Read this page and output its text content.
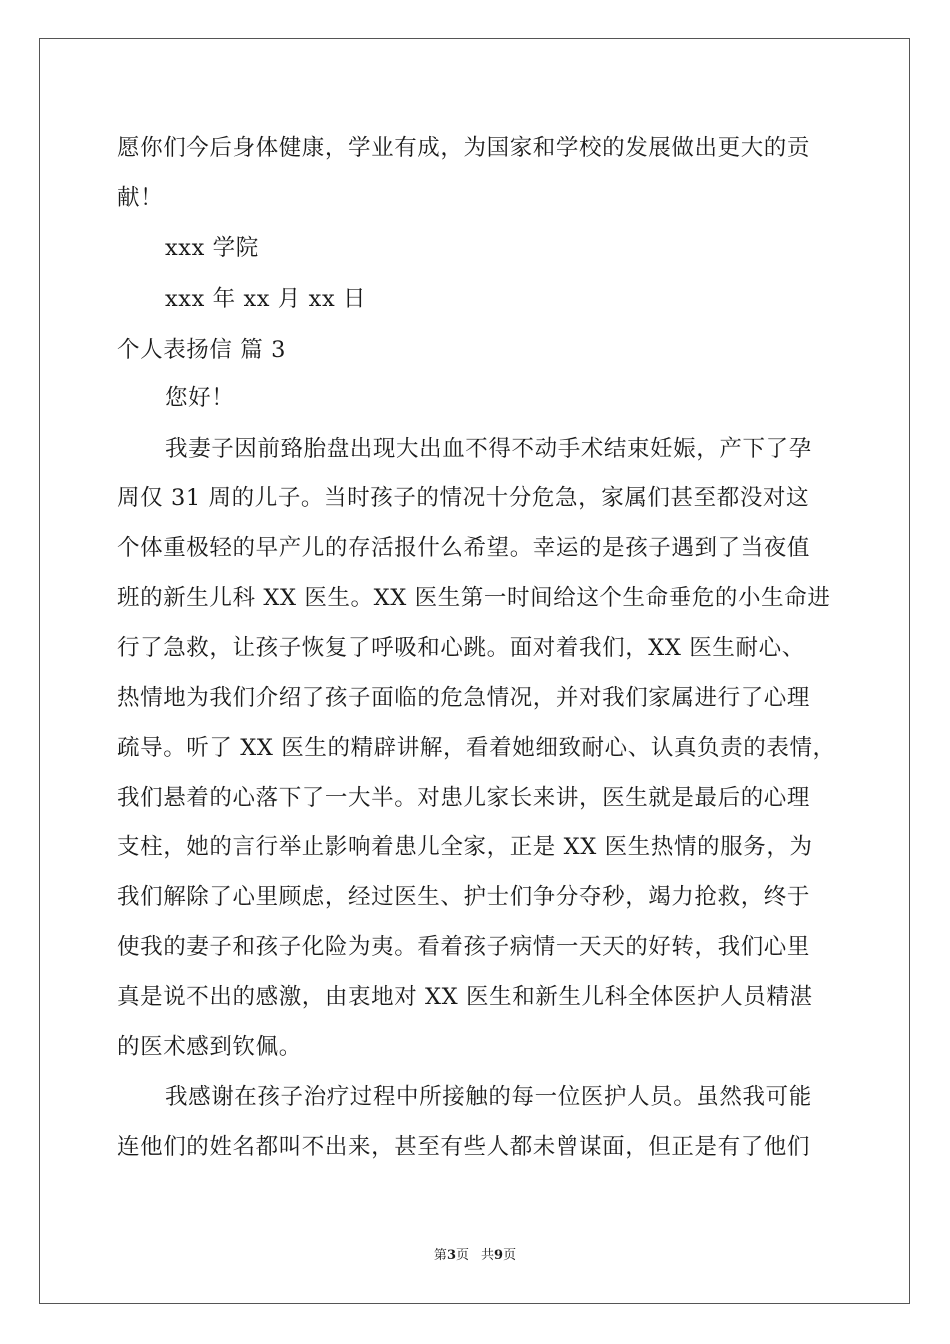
愿你们今后身体健康，学业有成，为国家和学校的发展做出更大的贡
献！
xxx 学院
xxx 年 xx 月 xx 日
个人表扬信 篇 3
您好！
我妻子因前臵胎盘出现大出血不得不动手术结束妊娠，产下了孕
周仅 31 周的儿子。当时孩子的情况十分危急，家属们甚至都没对这
个体重极轻的早产儿的存活报什么希望。幸运的是孩子遇到了当夜值
班的新生儿科 XX 医生。XX 医生第一时间给这个生命垂危的小生命进
行了急救，让孩子恢复了呼吸和心跳。面对着我们，XX 医生耐心、
热情地为我们介绍了孩子面临的危急情况，并对我们家属进行了心理
疏导。听了 XX 医生的精辟讲解，看着她细致耐心、认真负责的表情，
我们悬着的心落下了一大半。对患儿家长来讲，医生就是最后的心理
支柱，她的言行举止影响着患儿全家，正是 XX 医生热情的服务，为
我们解除了心里顾虑，经过医生、护士们争分夺秒，竭力抢救，终于
使我的妻子和孩子化险为夷。看着孩子病情一天天的好转，我们心里
真是说不出的感激，由衷地对 XX 医生和新生儿科全体医护人员精湛
的医术感到钦佩。
我感谢在孩子治疗过程中所接触的每一位医护人员。虽然我可能
连他们的姓名都叫不出来，甚至有些人都未曾谋面，但正是有了他们
第3页 共9页
